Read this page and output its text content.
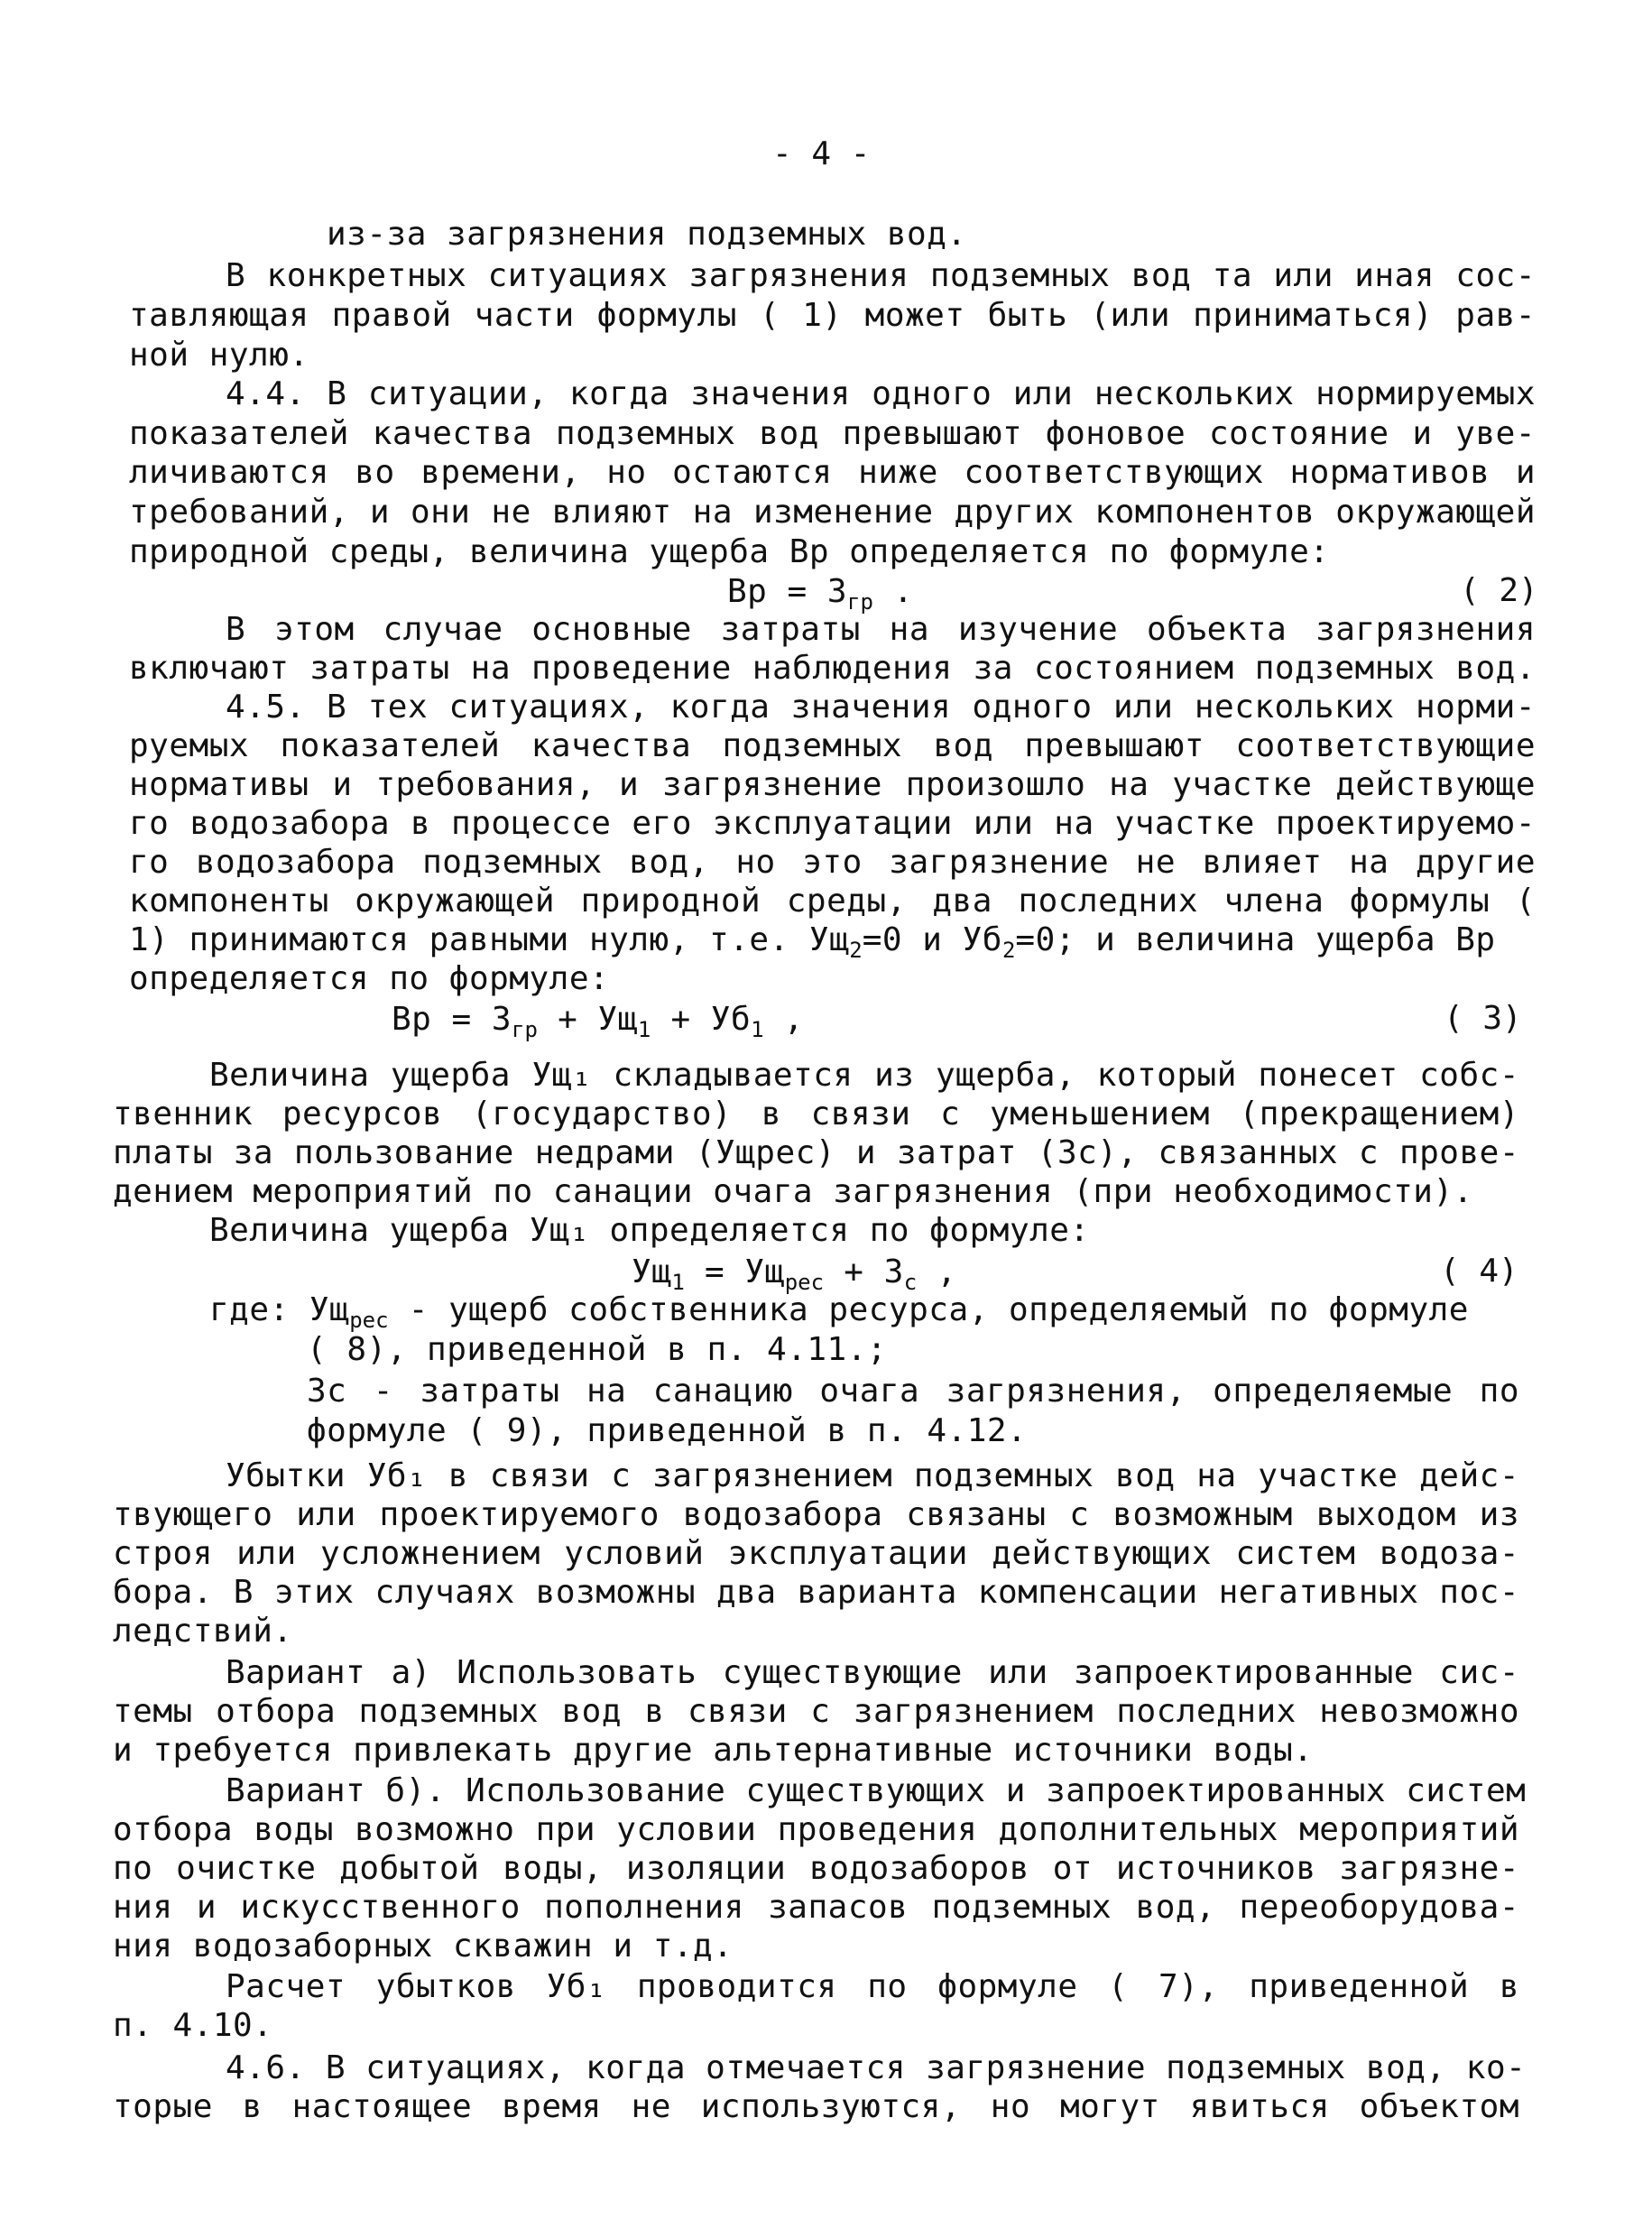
- 4 -
из-за загрязнения подземных вод.
В конкретных ситуациях загрязнения подземных вод та или иная сос-
тавляющая правой части формулы ( 1) может быть (или приниматься) рав-
ной нулю.
4.4. В ситуации, когда значения одного или нескольких нормируемых
показателей качества подземных вод превышают фоновое состояние и уве-
личиваются во времени, но остаются ниже соответствующих нормативов и
требований, и они не влияют на изменение других компонентов окружающей
природной среды, величина ущерба Вр определяется по формуле:
Вр = $З_{гр}$ .	( 2)
В этом случае основные затраты на изучение объекта загрязнения
включают затраты на проведение наблюдения за состоянием подземных вод.
4.5. В тех ситуациях, когда значения одного или нескольких норми-
руемых показателей качества подземных вод превышают соответствующие
нормативы и требования, и загрязнение произошло на участке действующе
го водозабора в процессе его эксплуатации или на участке проектируемо-
го водозабора подземных вод, но это загрязнение не влияет на другие
компоненты окружающей природной среды, два последних члена формулы (
1) принимаются равными нулю, т.е. $Ущ_2=0$ и $Уб_2=0$; и величина ущерба Вр
определяется по формуле:
Вр = $З_{гр} + Ущ_1 + Уб_1$ ,	( 3)
Величина ущерба Ущ₁ складывается из ущерба, который понесет собс-
твенник ресурсов (государство) в связи с уменьшением (прекращением)
платы за пользование недрами (Ущрес) и затрат (Зс), связанных с прове-
дением мероприятий по санации очага загрязнения (при необходимости).
Величина ущерба Ущ₁ определяется по формуле:
$Ущ_1 = Ущ_{рес} + З_с$ ,	( 4)
где: $Ущ_{рес}$ - ущерб собственника ресурса, определяемый по формуле
( 8), приведенной в п. 4.11.;
Зс - затраты на санацию очага загрязнения, определяемые по
формуле ( 9), приведенной в п. 4.12.
Убытки Уб₁ в связи с загрязнением подземных вод на участке дейс-
твующего или проектируемого водозабора связаны с возможным выходом из
строя или усложнением условий эксплуатации действующих систем водоза-
бора. В этих случаях возможны два варианта компенсации негативных пос-
ледствий.
Вариант а) Использовать существующие или запроектированные сис-
темы отбора подземных вод в связи с загрязнением последних невозможно
и требуется привлекать другие альтернативные источники воды.
Вариант б). Использование существующих и запроектированных систем
отбора воды возможно при условии проведения дополнительных мероприятий
по очистке добытой воды, изоляции водозаборов от источников загрязне-
ния и искусственного пополнения запасов подземных вод, переоборудова-
ния водозаборных скважин и т.д.
Расчет убытков Уб₁ проводится по формуле ( 7), приведенной в
п. 4.10.
4.6. В ситуациях, когда отмечается загрязнение подземных вод, ко-
торые в настоящее время не используются, но могут явиться объектом
